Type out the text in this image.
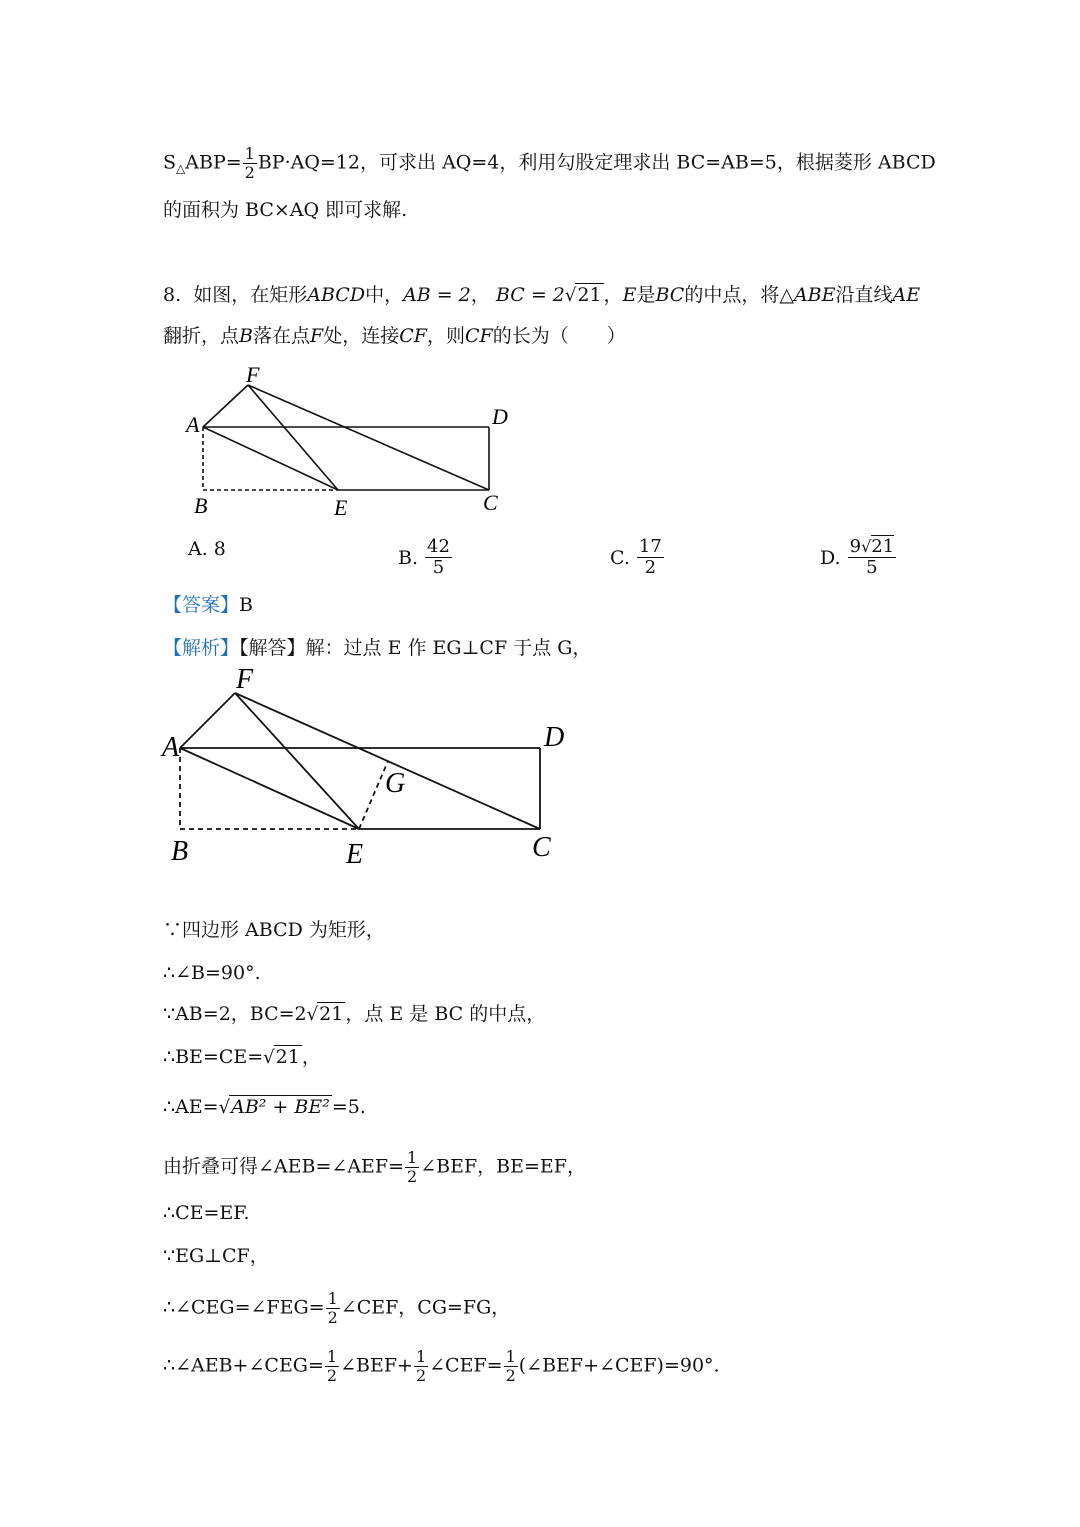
$S_\triangle ABP= \frac{1}{2} BP\cdot AQ=12$，可求出 AQ=4，利用勾股定理求出 BC=AB=5，根据菱形 ABCD
的面积为 BC×AQ 即可求解.
8. 如图，在矩形ABCD中，AB = 2， BC = 2√21 ，E是BC的中点，将△ABE沿直线AE
翻折，点B落在点F处，连接CF，则CF的长为（　　）
F
A	D
B	E	C
A. 8	B. $\frac{42}{5}$	C. $\frac{17}{2}$	D. $\frac{9√21}{5}$
【答案】B
【解析】【解答】解：过点 E 作 EG⊥CF 于点 G，
F
A	D
G
B	E	C
∵四边形 ABCD 为矩形，
∴∠B=90°.
∵AB=2，BC=2√21 ，点 E 是 BC 的中点，
∴BE=CE=√21 ，
∴AE=√AB² + BE² =5.
由折叠可得∠AEB=∠AEF= $\frac{1}{2}$ ∠BEF，BE=EF，
∴CE=EF.
∵EG⊥CF，
∴∠CEG=∠FEG= $\frac{1}{2}$ ∠CEF，CG=FG，
∴∠AEB+∠CEG= $\frac{1}{2}$ ∠BEF+ $\frac{1}{2}$ ∠CEF= $\frac{1}{2}$ (∠BEF+∠CEF)=90°.
